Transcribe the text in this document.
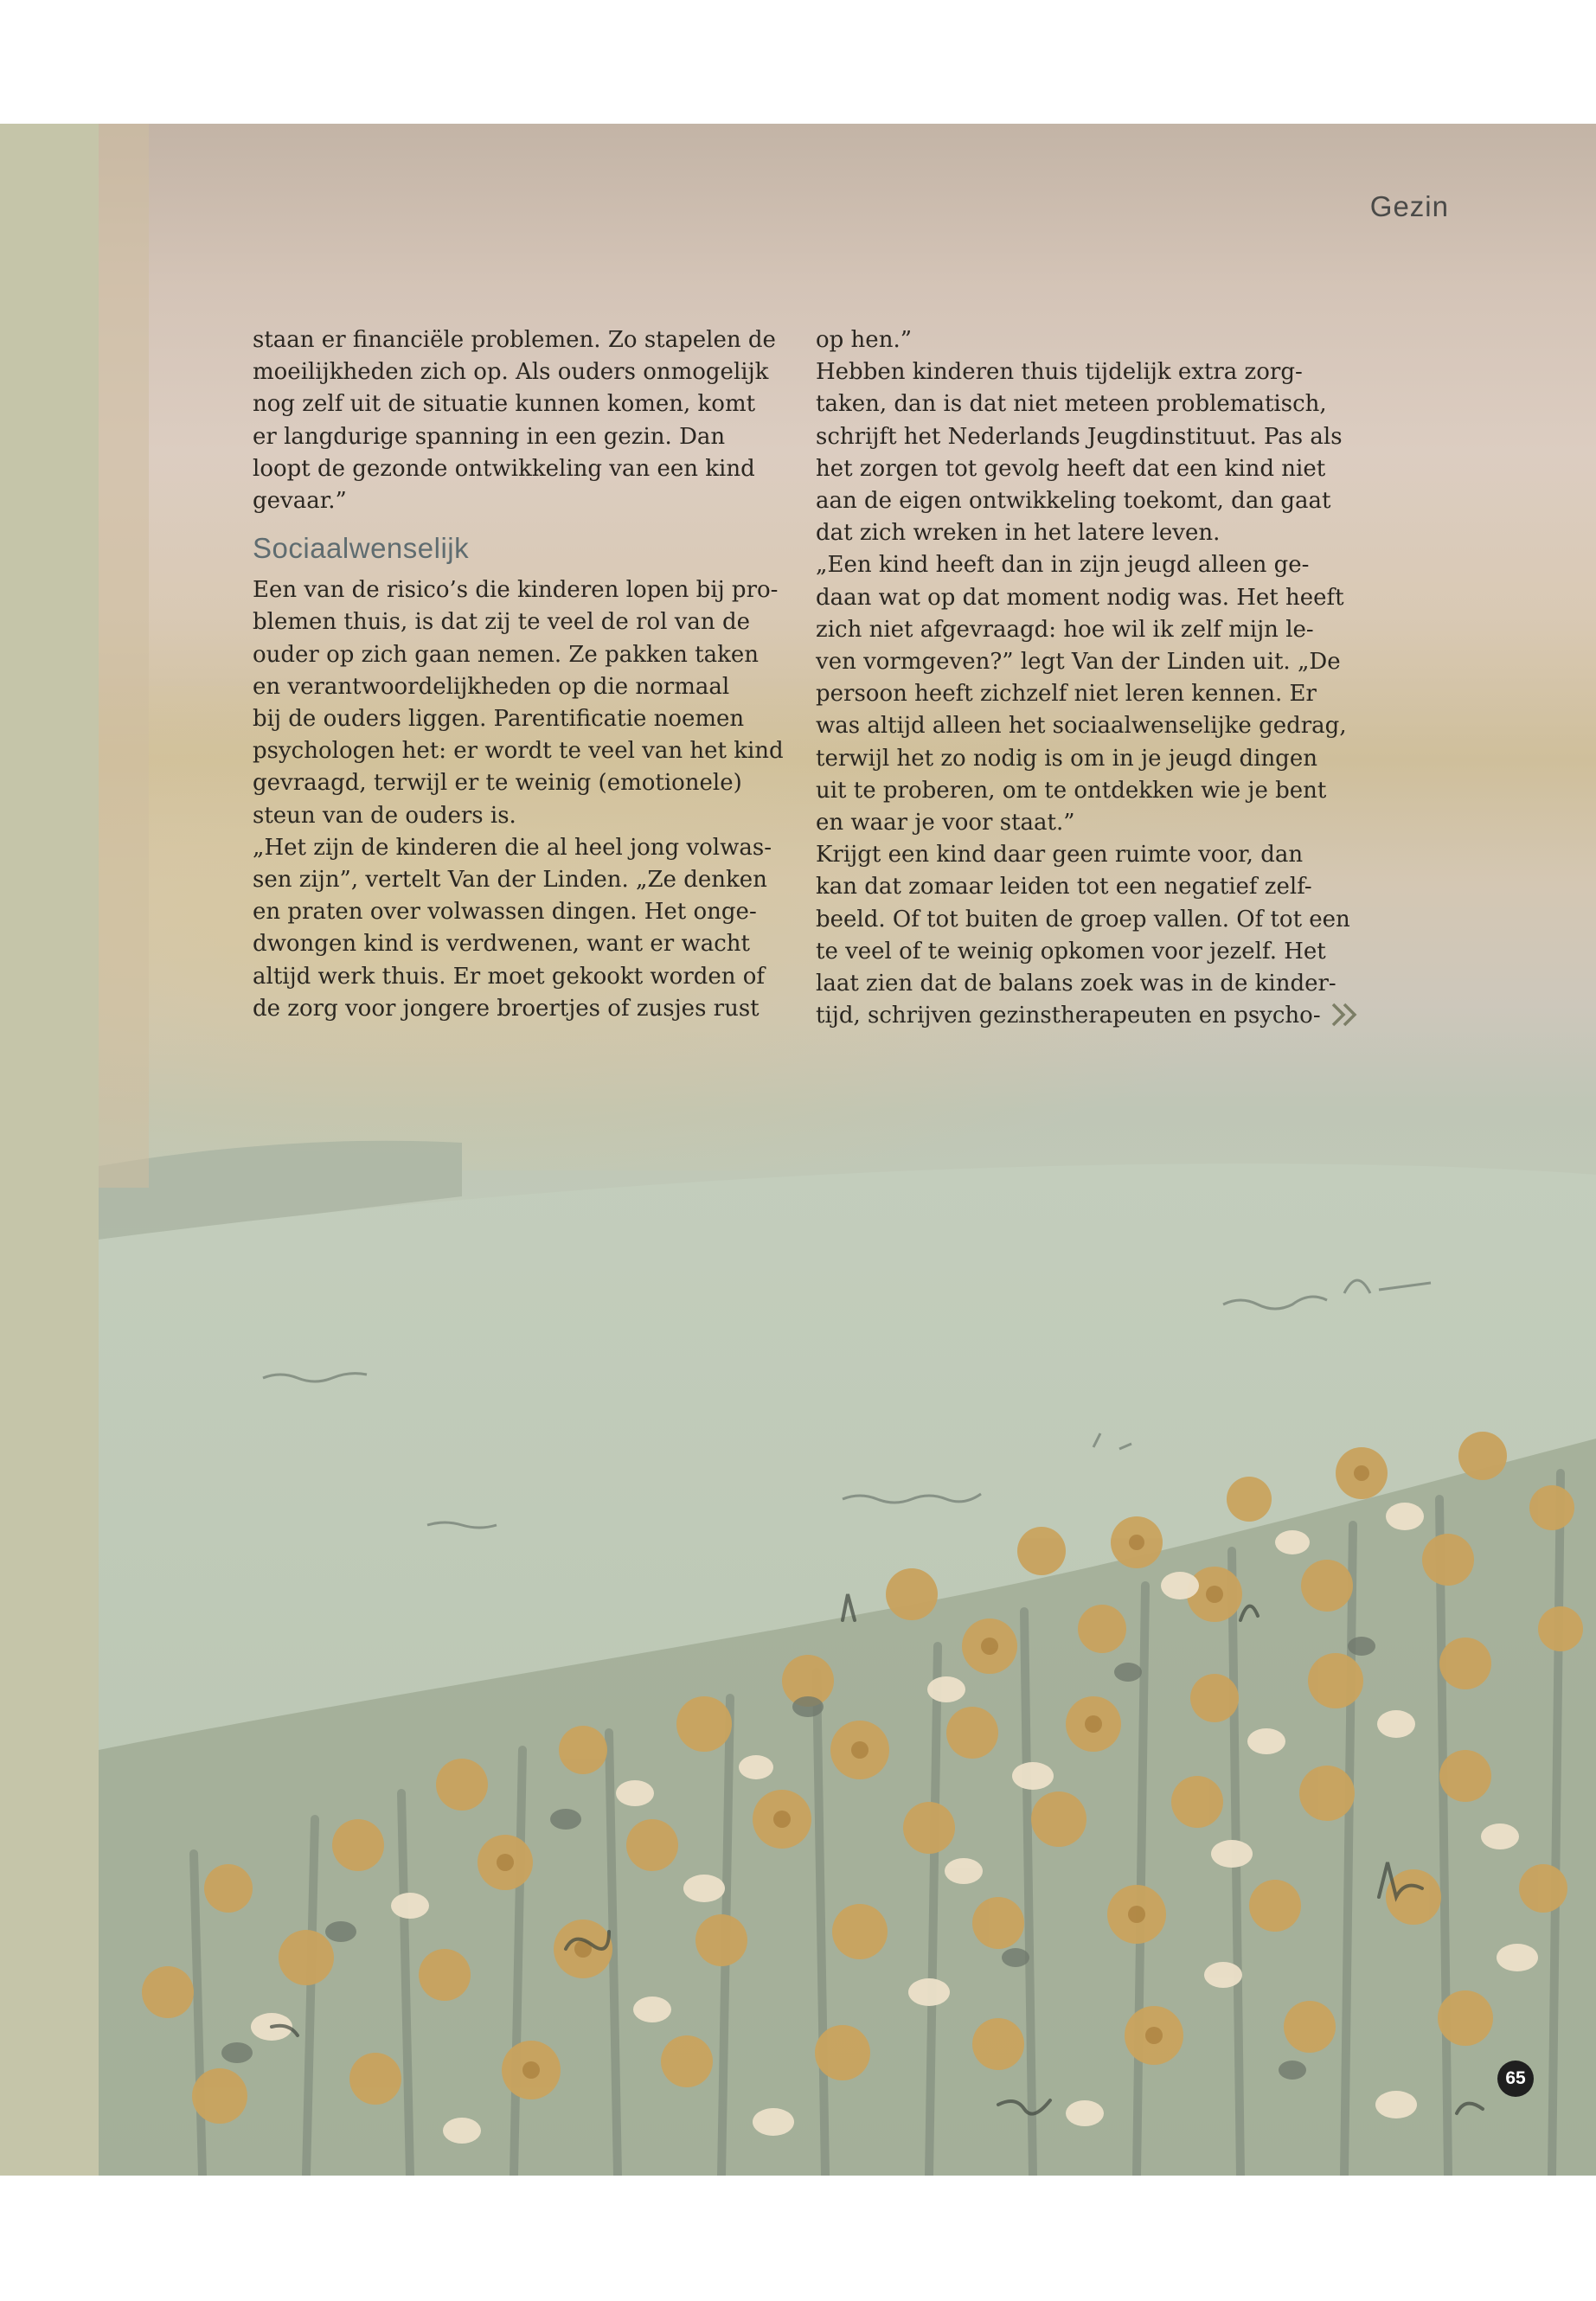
Gezin

staan er financiële problemen. Zo stapelen de

moeilijkheden zich op. Als ouders onmogelijk

nog zelf uit de situatie kunnen komen, komt

er langdurige spanning in een gezin. Dan

loopt de gezonde ontwikkeling van een kind

gevaar.”

Sociaalwenselijk

Een van de risico’s die kinderen lopen bij pro-

blemen thuis, is dat zij te veel de rol van de

ouder op zich gaan nemen. Ze pakken taken

en verantwoordelijkheden op die normaal

bij de ouders liggen. Parentificatie noemen

psychologen het: er wordt te veel van het kind

gevraagd, terwijl er te weinig (emotionele)

steun van de ouders is.

„Het zijn de kinderen die al heel jong volwas-

sen zijn”, vertelt Van der Linden. „Ze denken

en praten over volwassen dingen. Het onge-

dwongen kind is verdwenen, want er wacht

altijd werk thuis. Er moet gekookt worden of

de zorg voor jongere broertjes of zusjes rust

op hen.”

Hebben kinderen thuis tijdelijk extra zorg-

taken, dan is dat niet meteen problematisch,

schrijft het Nederlands Jeugdinstituut. Pas als

het zorgen tot gevolg heeft dat een kind niet

aan de eigen ontwikkeling toekomt, dan gaat

dat zich wreken in het latere leven.

„Een kind heeft dan in zijn jeugd alleen ge-

daan wat op dat moment nodig was. Het heeft

zich niet afgevraagd: hoe wil ik zelf mijn le-

ven vormgeven?” legt Van der Linden uit. „De

persoon heeft zichzelf niet leren kennen. Er

was altijd alleen het sociaalwenselijke gedrag,

terwijl het zo nodig is om in je jeugd dingen

uit te proberen, om te ontdekken wie je bent

en waar je voor staat.”

Krijgt een kind daar geen ruimte voor, dan

kan dat zomaar leiden tot een negatief zelf-

beeld. Of tot buiten de groep vallen. Of tot een

te veel of te weinig opkomen voor jezelf. Het

laat zien dat de balans zoek was in de kinder-

tijd, schrijven gezinstherapeuten en psycho-

65
